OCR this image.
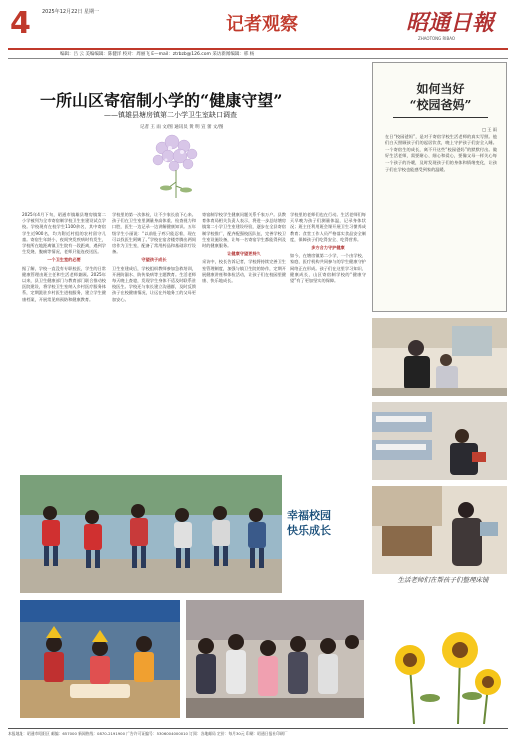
4 2025年12月22日 星期一
记者观察	昭通日報
ZHAOTONG RIBAO
编辑：吕 云 美编编辑：陈健洋 校对：周丽飞 E—mail：ztrbzb@126.com 采访新闻编辑：邢 杨
一所山区寄宿制小学的“健康守望”
——镇雄县塘房镇第二小学卫生室缺口调查
记者 王 雨 文/图 通讯员 黄 明 宣 蕾 文/图

2025年4月下旬，昭通市镇雄县塘房镇第二小学被列为全市寄宿制学校卫生室建设试点学校。学校现有在校学生1100余名，其中寄宿学生近900名，均为附近村组的农村留守儿童。寄宿生年龄小，夜间突发疾病时有发生，学校所在地距离镇卫生院有一段距离，遇到学生发烧、腹痛等情况，老师只能连夜送医。

一个卫生室的必要

据了解，学校一直没有专职校医，学生的日常健康管理由班主任和生活老师兼顾。2025年以来，县卫生健康部门与教育部门联合推动校医院建设，将学校卫生室纳入乡村医疗服务体系，定期派驻乡村医生进校服务，建立学生健康档案，开展常见病预防和健康教育。

学校里的第一次体检，让不少家长放下心来。孩子们在卫生室里测量身高体重、检查视力和口腔，医生一边记录一边讲解健康知识。五年级学生小丽说：“以前肚子疼只能忍着，现在可以找医生阿姨了。”学校在宿舍楼旁腾出两间房作为卫生室，配备了常用药品和基础诊疗设备。

守望孩子成长

卫生室建成后，学校组织教师参加急救培训，开展防溺水、防传染病等主题教育。生活老师每天晚上查寝，发现学生身体不适及时联系驻校医生。学校还与家长建立沟通群，及时反馈孩子在校健康情况，让远在外地务工的父母更加安心。

寄宿制学校学生健康问题关系千家万户。县教育体育局相关负责人表示，将进一步总结塘房镇第二小学卫生室建设经验，逐步在全县寄宿制学校推广，配齐配强校医队伍，完善学校卫生室设施设备，让每一名寄宿学生都能得到及时的健康服务。

让健康守望更持久

采访中，校长告诉记者，学校将持续完善卫生室管理制度，加强与镇卫生院的协作，定期开展健康讲座和体检活动，让孩子们在校园里健康、快乐地成长。

学校里的老师们也在行动。生活老师们每天早晚为孩子们测量体温，记录身体状况；班主任利用班会课开展卫生习惯养成教育；食堂工作人员严格落实食品安全制度，保障孩子们吃得安全、吃得营养。

多方合力守护健康

如今，在塘房镇第二小学，一个由学校、家庭、医疗机构共同参与的学生健康守护网络正在形成。孩子们在这里学习知识、健康成长，山区寄宿制学校的“健康守望”有了更加坚实的保障。

如何当好
“校园爸妈”

□ 王 雨

在日“校园爸妈”，是对于寄宿学校生活老师的真实写照。他们白天照顾孩子们的起居饮食，晚上守护孩子们安全入睡。一个寄宿生的成长，离不开这些“校园爸妈”的默默付出。做好生活老师，需要耐心、细心和爱心，要像父母一样关心每一个孩子的冷暖，及时发现孩子们的身体和情绪变化，让孩子们在学校也能感受到家的温暖。

生活老师们在帮孩子们整理床铺
幸福校园
快乐成长
本报地址：昭通市昭阳区 邮编：657000 新闻热线：0870-2191900 广告许可证编号：5306004000010 订阅：各地邮局 定价：每月30元 印刷：昭通日报社印刷厂
